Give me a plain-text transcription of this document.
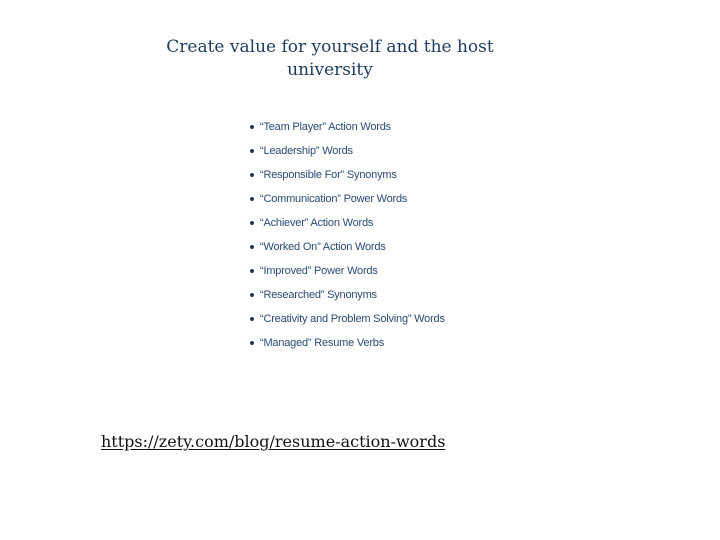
Create value for yourself and the host
university
“Team Player” Action Words
“Leadership” Words
“Responsible For” Synonyms
“Communication” Power Words
“Achiever” Action Words
“Worked On” Action Words
“Improved” Power Words
“Researched” Synonyms
“Creativity and Problem Solving” Words
“Managed” Resume Verbs
https://zety.com/blog/resume-action-words
